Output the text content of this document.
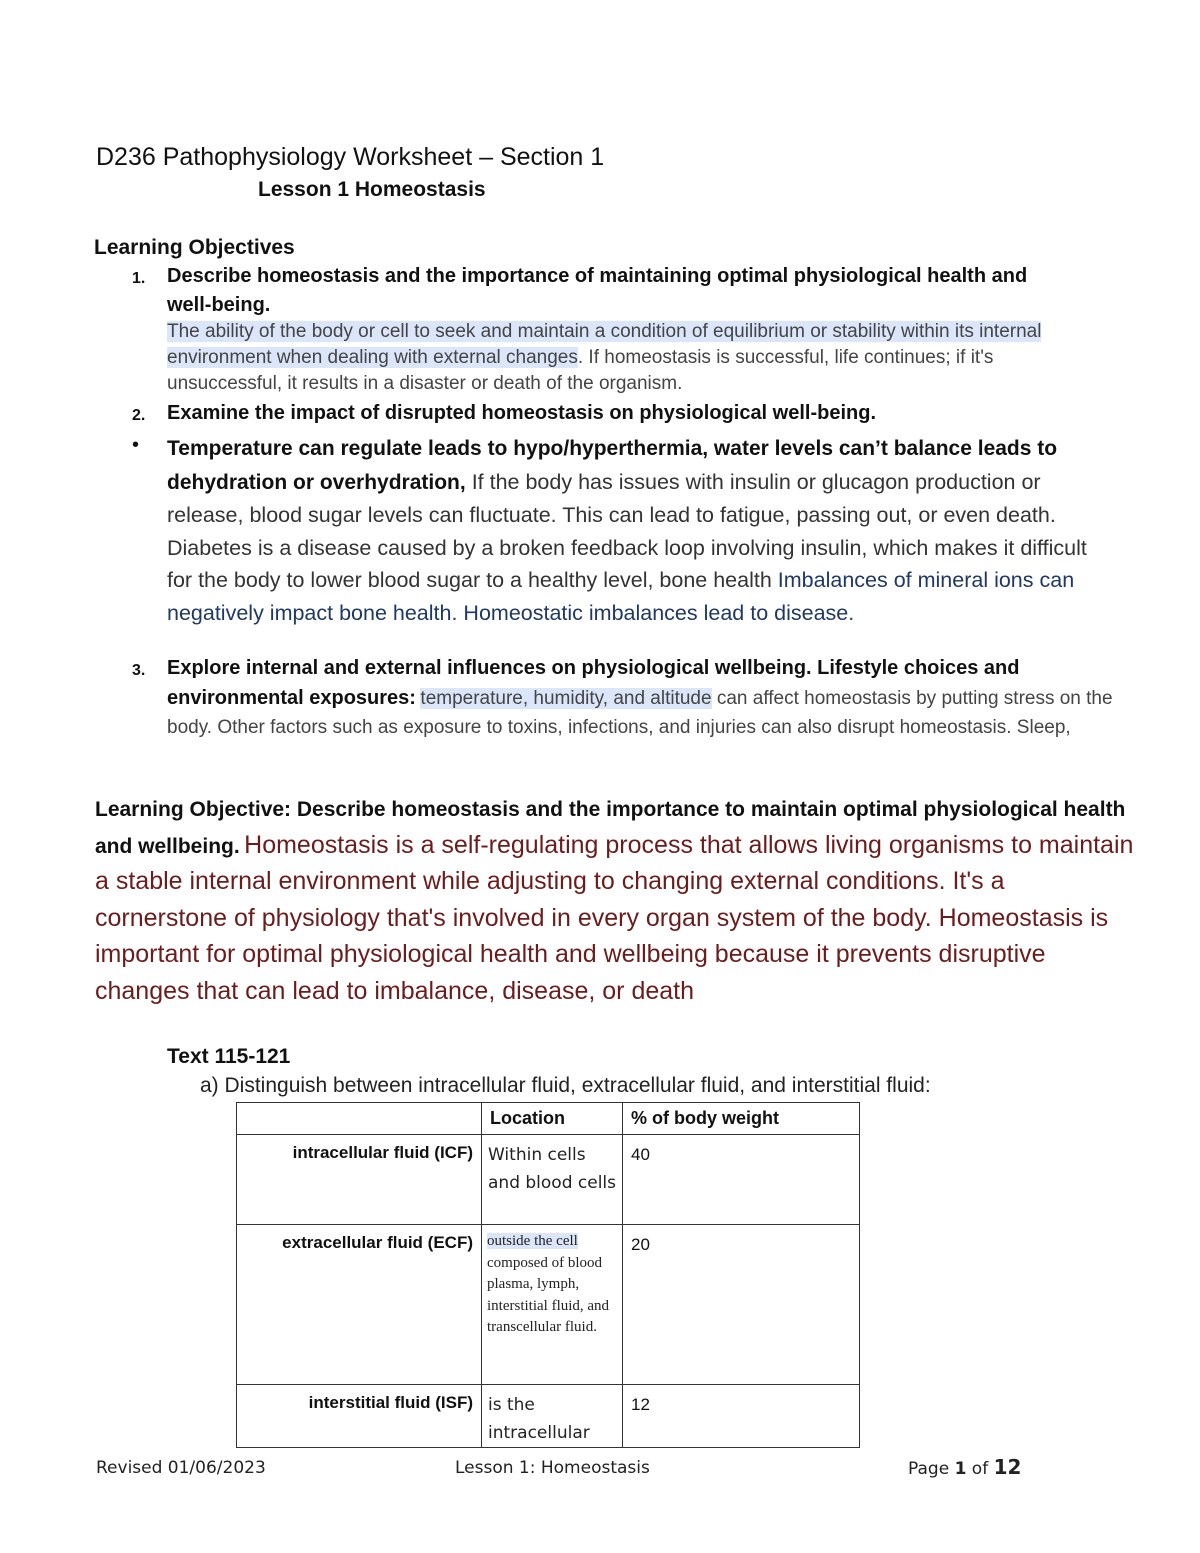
D236 Pathophysiology Worksheet – Section 1
Lesson 1 Homeostasis
Learning Objectives
1. Describe homeostasis and the importance of maintaining optimal physiological health and well-being.
The ability of the body or cell to seek and maintain a condition of equilibrium or stability within its internal environment when dealing with external changes. If homeostasis is successful, life continues; if it's unsuccessful, it results in a disaster or death of the organism.
2. Examine the impact of disrupted homeostasis on physiological well-being.
• Temperature can regulate leads to hypo/hyperthermia, water levels can’t balance leads to dehydration or overhydration, If the body has issues with insulin or glucagon production or release, blood sugar levels can fluctuate. This can lead to fatigue, passing out, or even death. Diabetes is a disease caused by a broken feedback loop involving insulin, which makes it difficult for the body to lower blood sugar to a healthy level, bone health Imbalances of mineral ions can negatively impact bone health. Homeostatic imbalances lead to disease.
3. Explore internal and external influences on physiological wellbeing. Lifestyle choices and environmental exposures: temperature, humidity, and altitude can affect homeostasis by putting stress on the body. Other factors such as exposure to toxins, infections, and injuries can also disrupt homeostasis. Sleep,
Learning Objective: Describe homeostasis and the importance to maintain optimal physiological health and wellbeing. Homeostasis is a self-regulating process that allows living organisms to maintain a stable internal environment while adjusting to changing external conditions. It's a cornerstone of physiology that's involved in every organ system of the body. Homeostasis is important for optimal physiological health and wellbeing because it prevents disruptive changes that can lead to imbalance, disease, or death
Text 115-121
a) Distinguish between intracellular fluid, extracellular fluid, and interstitial fluid:
	Location	% of body weight
intracellular fluid (ICF)	Within cells and blood cells	40
extracellular fluid (ECF)	outside the cell composed of blood plasma, lymph, interstitial fluid, and transcellular fluid.	20
interstitial fluid (ISF)	is the intracellular	12
Revised 01/06/2023	Lesson 1: Homeostasis	Page 1 of 12
